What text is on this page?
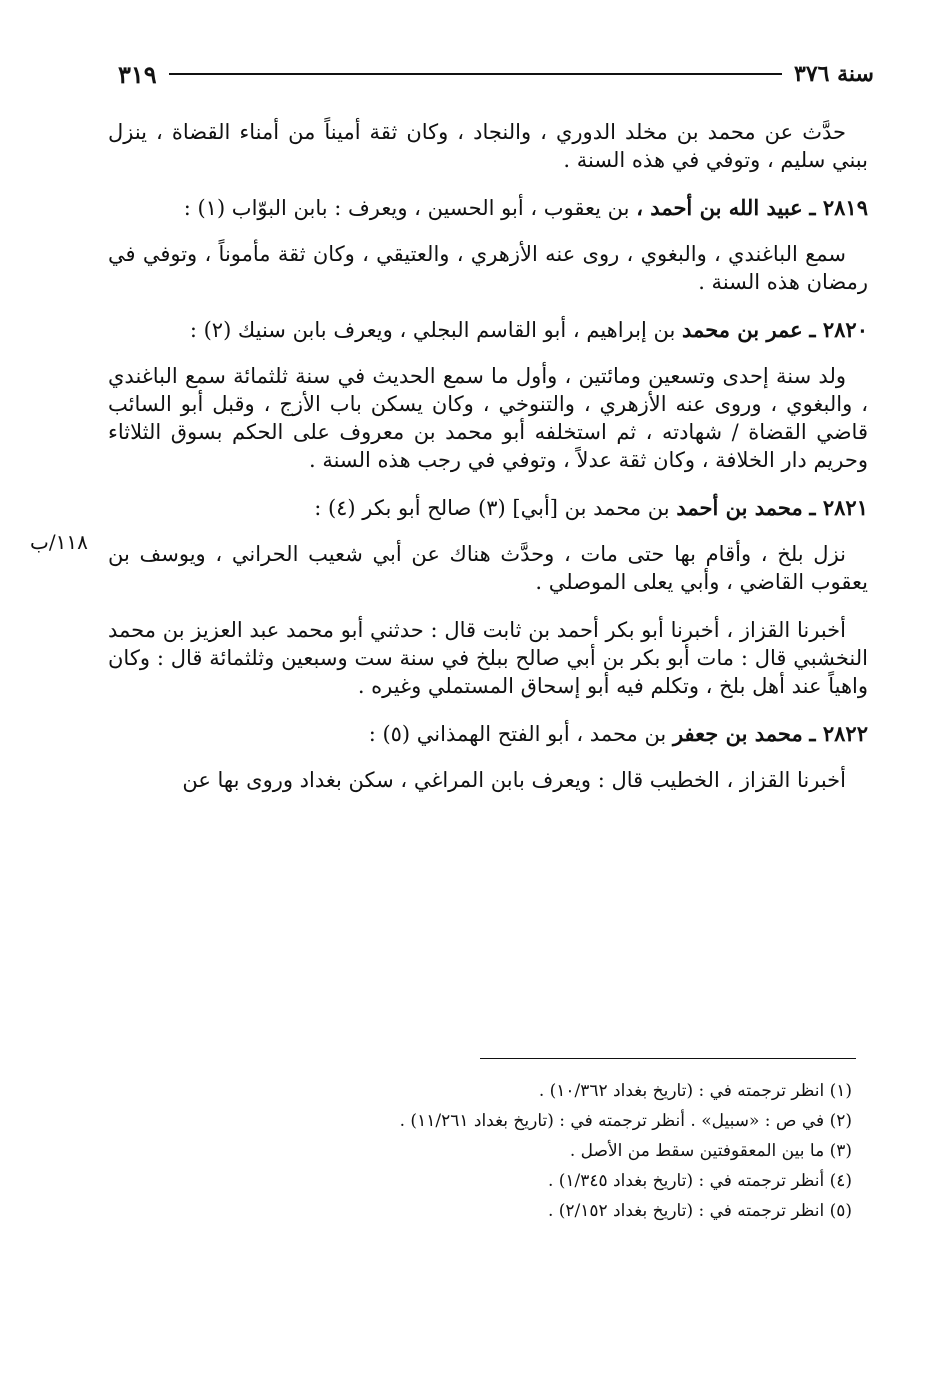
سنة ٣٧٦
٣١٩

حدَّث عن محمد بن مخلد الدوري ، والنجاد ، وكان ثقة أميناً من أمناء القضاة ، ينزل ببني سليم ، وتوفي في هذه السنة .

٢٨١٩ ـ عبيد الله بن أحمد ، بن يعقوب ، أبو الحسين ، ويعرف : بابن البوّاب (١) :

سمع الباغندي ، والبغوي ، روى عنه الأزهري ، والعتيقي ، وكان ثقة مأموناً ، وتوفي في رمضان هذه السنة .

٢٨٢٠ ـ عمر بن محمد بن إبراهيم ، أبو القاسم البجلي ، ويعرف بابن سنيك (٢) :

ولد سنة إحدى وتسعين ومائتين ، وأول ما سمع الحديث في سنة ثلثمائة سمع الباغندي ، والبغوي ، وروى عنه الأزهري ، والتنوخي ، وكان يسكن باب الأزج ، وقبل أبو السائب قاضي القضاة / شهادته ، ثم استخلفه أبو محمد بن معروف على الحكم بسوق الثلاثاء وحريم دار الخلافة ، وكان ثقة عدلاً ، وتوفي في رجب هذه السنة .

٢٨٢١ ـ محمد بن أحمد بن محمد بن [أبي] (٣) صالح أبو بكر (٤) :

نزل بلخ ، وأقام بها حتى مات ، وحدَّث هناك عن أبي شعيب الحراني ، ويوسف بن يعقوب القاضي ، وأبي يعلى الموصلي .

أخبرنا القزاز ، أخبرنا أبو بكر أحمد بن ثابت قال : حدثني أبو محمد عبد العزيز بن محمد النخشبي قال : مات أبو بكر بن أبي صالح ببلخ في سنة ست وسبعين وثلثمائة قال : وكان واهياً عند أهل بلخ ، وتكلم فيه أبو إسحاق المستملي وغيره .

٢٨٢٢ ـ محمد بن جعفر بن محمد ، أبو الفتح الهمذاني (٥) :

أخبرنا القزاز ، الخطيب قال : ويعرف بابن المراغي ، سكن بغداد وروى بها عن

١١٨/ب
(١) انظر ترجمته في : (تاريخ بغداد ١٠/٣٦٢) .
(٢) في ص : «سبيل» . أنظر ترجمته في : (تاريخ بغداد ١١/٢٦١) .
(٣) ما بين المعقوفتين سقط من الأصل .
(٤) أنظر ترجمته في : (تاريخ بغداد ١/٣٤٥) .
(٥) انظر ترجمته في : (تاريخ بغداد ٢/١٥٢) .
